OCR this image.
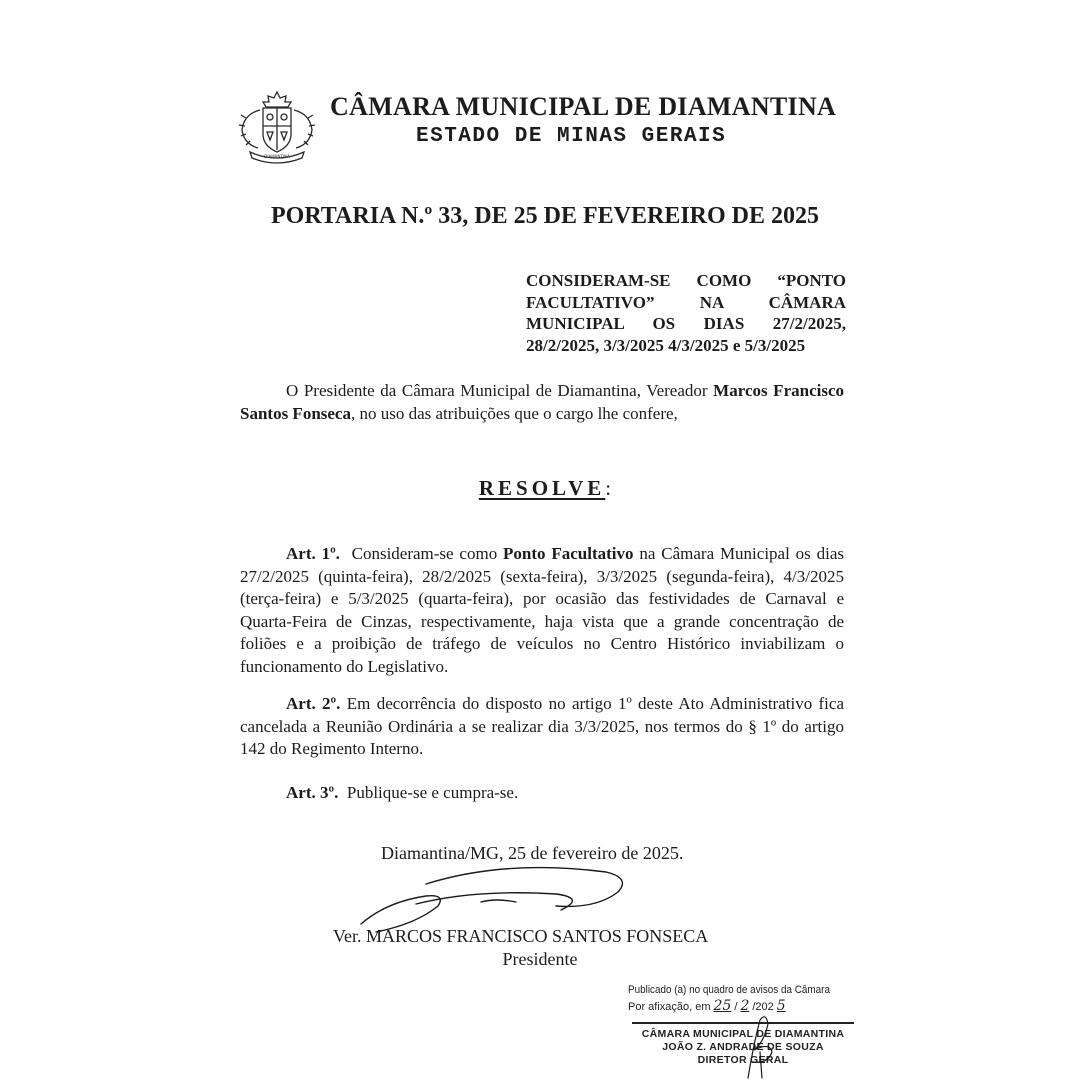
DIAMANTINA
CÂMARA MUNICIPAL DE DIAMANTINA
ESTADO DE MINAS GERAIS
PORTARIA N.º 33, DE 25 DE FEVEREIRO DE 2025
CONSIDERAM-SE COMO “PONTO
FACULTATIVO” NA CÂMARA
MUNICIPAL OS DIAS 27/2/2025,
28/2/2025, 3/3/2025 4/3/2025 e 5/3/2025

O Presidente da Câmara Municipal de Diamantina, Vereador Marcos Francisco Santos Fonseca, no uso das atribuições que o cargo lhe confere,

RESOLVE:

Art. 1º.  Consideram-se como Ponto Facultativo na Câmara Municipal os dias 27/2/2025 (quinta-feira), 28/2/2025 (sexta-feira), 3/3/2025 (segunda-feira), 4/3/2025 (terça-feira) e 5/3/2025 (quarta-feira), por ocasião das festividades de Carnaval e Quarta-Feira de Cinzas, respectivamente, haja vista que a grande concentração de foliões e a proibição de tráfego de veículos no Centro Histórico inviabilizam o funcionamento do Legislativo.

Art. 2º. Em decorrência do disposto no artigo 1º deste Ato Administrativo fica cancelada a Reunião Ordinária a se realizar dia 3/3/2025, nos termos do § 1º do artigo 142 do Regimento Interno.

Art. 3º.  Publique-se e cumpra-se.

Diamantina/MG, 25 de fevereiro de 2025.
Ver. MARCOS FRANCISCO SANTOS FONSECA
Presidente
Publicado (a) no quadro de avisos da Câmara
Por afixação, em 25 / 2 /202 5
CÂMARA MUNICIPAL DE DIAMANTINA
JOÃO Z. ANDRADE DE SOUZA
DIRETOR GERAL
